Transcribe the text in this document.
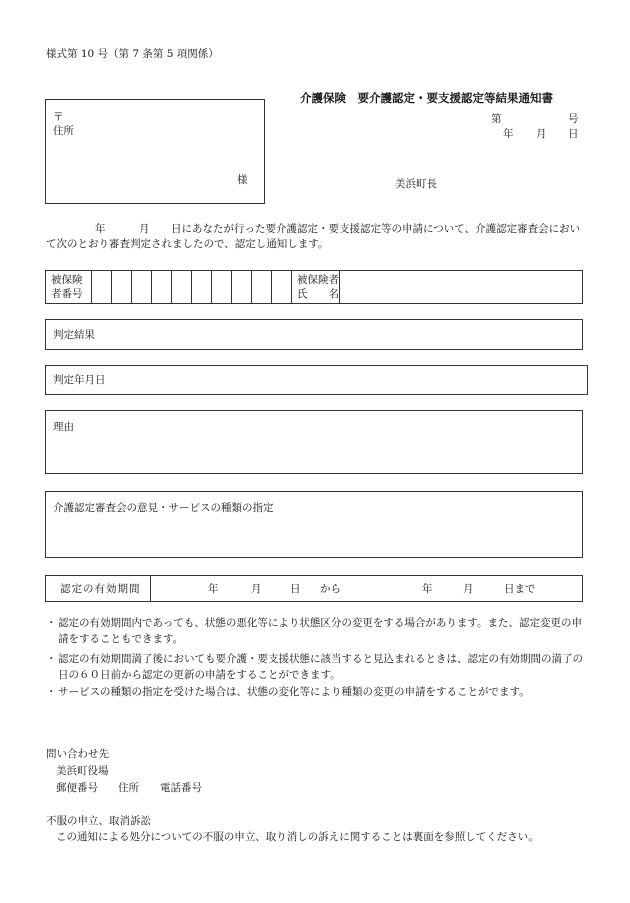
様式第 10 号（第 7 条第 5 項関係）
介護保険　要介護認定・要支援認定等結果通知書
〒
住所
様
第	号
年 月 日
美浜町長
年	月 日にあなたが行った要介護認定・要支援認定等の申請について、介護認定審査会におい
て次のとおり審査判定されましたので、認定し通知します。
被保険
者番号

被保険者
氏　　名

判定結果
判定年月日
理由
介護認定審査会の意見・サービスの種類の指定
認定の有効期間	年	月	日 から	年	月	日まで
・ 認定の有効期間内であっても、状態の悪化等により状態区分の変更をする場合があります。また、認定変更の申請をすることもできます。
・ 認定の有効期間満了後においても要介護・要支援状態に該当すると見込まれるときは、認定の有効期間の満了の日の６０日前から認定の更新の申請をすることができます。
・ サービスの種類の指定を受けた場合は、状態の変化等により種類の変更の申請をすることがでます。
問い合わせ先
美浜町役場
郵便番号 住所 電話番号
不服の申立、取消訴訟
この通知による処分についての不服の申立、取り消しの訴えに関することは裏面を参照してください。
